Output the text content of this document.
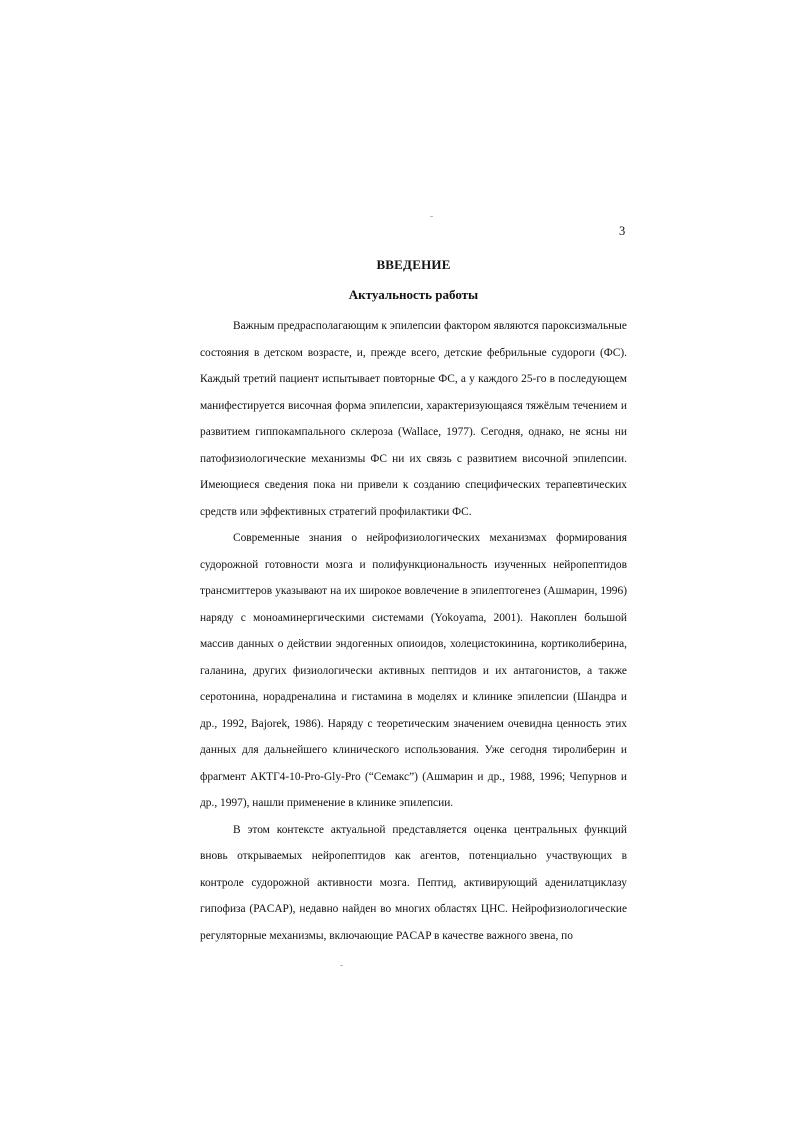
3
ВВЕДЕНИЕ
Актуальность работы

Важным предрасполагающим к эпилепсии фактором являются пароксизмальные состояния в детском возрасте, и, прежде всего, детские фебрильные судороги (ФС). Каждый третий пациент испытывает повторные ФС, а у каждого 25-го в последующем манифестируется височная форма эпилепсии, характеризующаяся тяжёлым течением и развитием гиппокампального склероза (Wallace, 1977). Сегодня, однако, не ясны ни патофизиологические механизмы ФС ни их связь с развитием височной эпилепсии. Имеющиеся сведения пока ни привели к созданию специфических терапевтических средств или эффективных стратегий профилактики ФС.

Современные знания о нейрофизиологических механизмах формирования судорожной готовности мозга и полифункциональность изученных нейропептидов трансмиттеров указывают на их широкое вовлечение в эпилептогенез (Ашмарин, 1996) наряду с моноаминергическими системами (Yokoyama, 2001). Накоплен большой массив данных о действии эндогенных опиоидов, холецистокинина, кортиколиберина, галанина, других физиологически активных пептидов и их антагонистов, а также серотонина, норадреналина и гистамина в моделях и клинике эпилепсии (Шандра и др., 1992, Bajorek, 1986). Наряду с теоретическим значением очевидна ценность этих данных для дальнейшего клинического использования. Уже сегодня тиролиберин и фрагмент АКТГ4-10-Pro-Gly-Pro (“Семакс”) (Ашмарин и др., 1988, 1996; Чепурнов и др., 1997), нашли применение в клинике эпилепсии.

В этом контексте актуальной представляется оценка центральных функций вновь открываемых нейропептидов как агентов, потенциально участвующих в контроле судорожной активности мозга. Пептид, активирующий аденилатциклазу гипофиза (PACAP), недавно найден во многих областях ЦНС. Нейрофизиологические регуляторные механизмы, включающие PACAP в качестве важного звена, по
